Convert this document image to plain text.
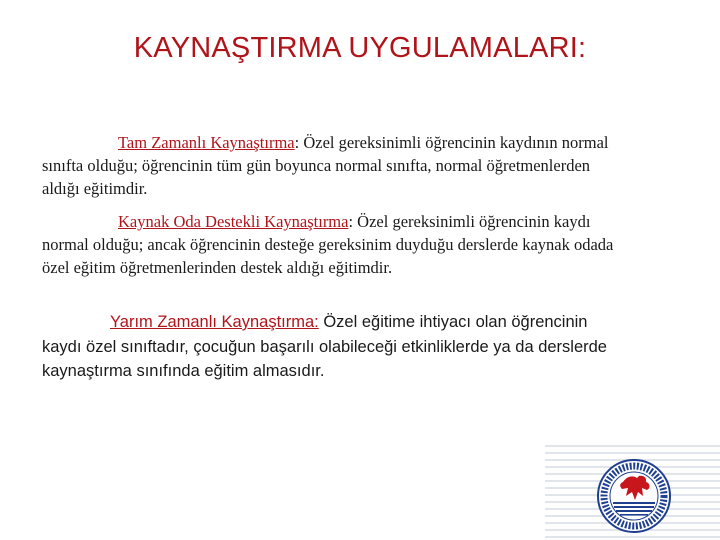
KAYNAŞTIRMA UYGULAMALARI:

Tam Zamanlı Kaynaştırma: Özel gereksinimli öğrencinin kaydının normal sınıfta olduğu; öğrencinin tüm gün boyunca normal sınıfta, normal öğretmenlerden aldığı eğitimdir.

Kaynak Oda Destekli Kaynaştırma: Özel gereksinimli öğrencinin kaydı normal olduğu; ancak öğrencinin desteğe gereksinim duyduğu derslerde kaynak odada özel eğitim öğretmenlerinden destek aldığı eğitimdir.

Yarım Zamanlı Kaynaştırma: Özel eğitime ihtiyacı olan öğrencinin kaydı özel sınıftadır, çocuğun başarılı olabileceği etkinliklerde ya da derslerde kaynaştırma sınıfında eğitim almasıdır.
